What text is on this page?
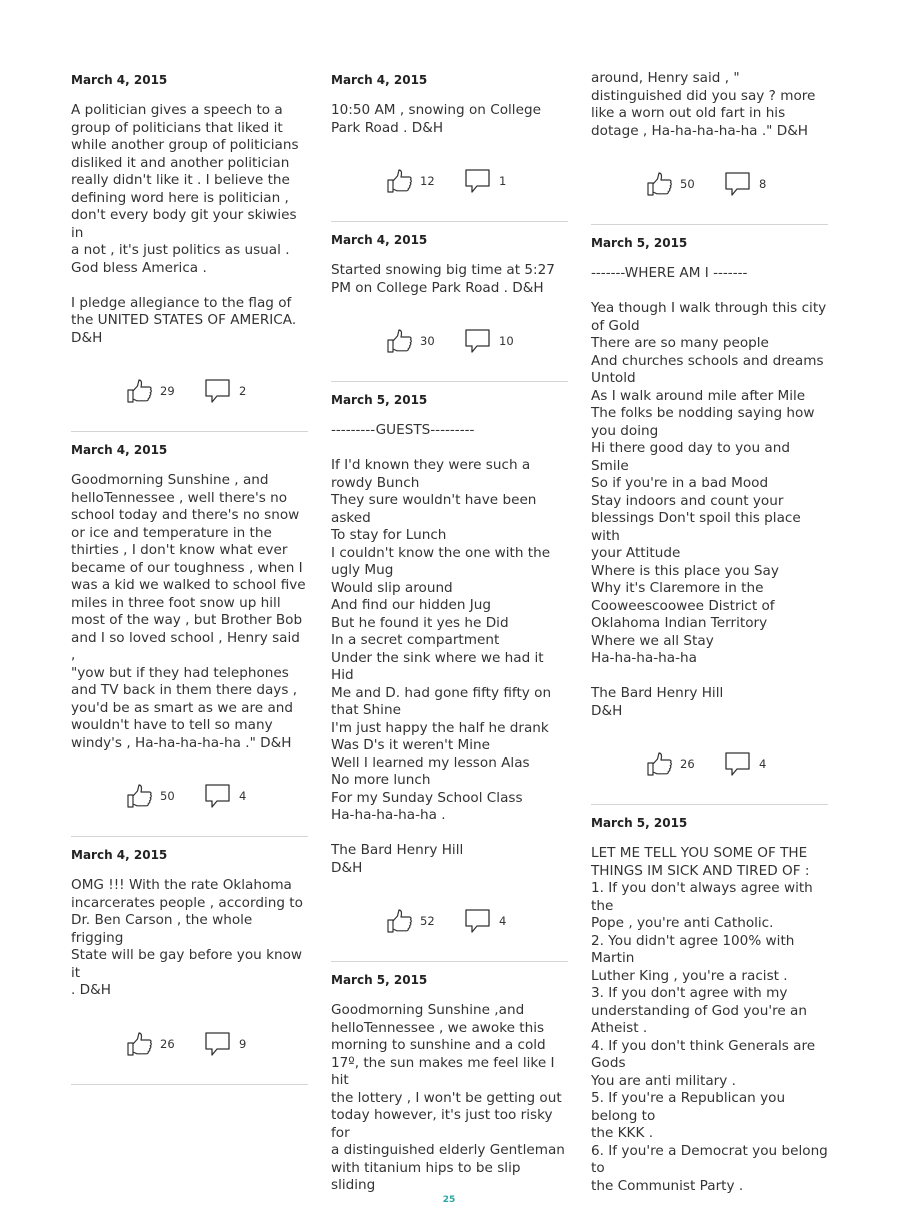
March 4, 2015
A politician gives a speech to a
group of politicians that liked it
while another group of politicians
disliked it and another politician
really didn't like it . I believe the
defining word here is politician ,
don't every body git your skiwies in
a not , it's just politics as usual .
God bless America .
I pledge allegiance to the flag of
the UNITED STATES OF AMERICA.
D&H
29	2
March 4, 2015
Goodmorning Sunshine , and
helloTennessee , well there's no
school today and there's no snow
or ice and temperature in the
thirties , I don't know what ever
became of our toughness , when I
was a kid we walked to school five
miles in three foot snow up hill
most of the way , but Brother Bob
and I so loved school , Henry said ,
"yow but if they had telephones
and TV back in them there days ,
you'd be as smart as we are and
wouldn't have to tell so many
windy's , Ha-ha-ha-ha-ha ." D&H
50	4
March 4, 2015
OMG !!! With the rate Oklahoma
incarcerates people , according to
Dr. Ben Carson , the whole frigging
State will be gay before you know it
. D&H
26	9
March 4, 2015
10:50 AM , snowing on College
Park Road . D&H
12	1
March 4, 2015
Started snowing big time at 5:27
PM on College Park Road . D&H
30	10
March 5, 2015
---------GUESTS---------
If I'd known they were such a
rowdy Bunch
They sure wouldn't have been
asked
To stay for Lunch
I couldn't know the one with the
ugly Mug
Would slip around
And find our hidden Jug
But he found it yes he Did
In a secret compartment
Under the sink where we had it Hid
Me and D. had gone fifty fifty on
that Shine
I'm just happy the half he drank
Was D's it weren't Mine
Well I learned my lesson Alas
No more lunch
For my Sunday School Class
Ha-ha-ha-ha-ha .
The Bard Henry Hill
D&H
52	4
March 5, 2015
Goodmorning Sunshine ,and
helloTennessee , we awoke this
morning to sunshine and a cold
17º, the sun makes me feel like I hit
the lottery , I won't be getting out
today however, it's just too risky for
a distinguished elderly Gentleman
with titanium hips to be slip sliding
around, Henry said , "
distinguished did you say ? more
like a worn out old fart in his
dotage , Ha-ha-ha-ha-ha ." D&H
50	8
March 5, 2015
-------WHERE AM I -------
Yea though I walk through this city
of Gold
There are so many people
And churches schools and dreams
Untold
As I walk around mile after Mile
The folks be nodding saying how
you doing
Hi there good day to you and Smile
So if you're in a bad Mood
Stay indoors and count your
blessings Don't spoil this place with
your Attitude
Where is this place you Say
Why it's Claremore in the
Cooweescoowee District of
Oklahoma Indian Territory
Where we all Stay
Ha-ha-ha-ha-ha
The Bard Henry Hill
D&H
26	4
March 5, 2015
LET ME TELL YOU SOME OF THE
THINGS IM SICK AND TIRED OF :
1. If you don't always agree with
the
Pope , you're anti Catholic.
2. You didn't agree 100% with
Martin
Luther King , you're a racist .
3. If you don't agree with my
understanding of God you're an
Atheist .
4. If you don't think Generals are
Gods
You are anti military .
5. If you're a Republican you
belong to
the KKK .
6. If you're a Democrat you belong
to
the Communist Party .
25
